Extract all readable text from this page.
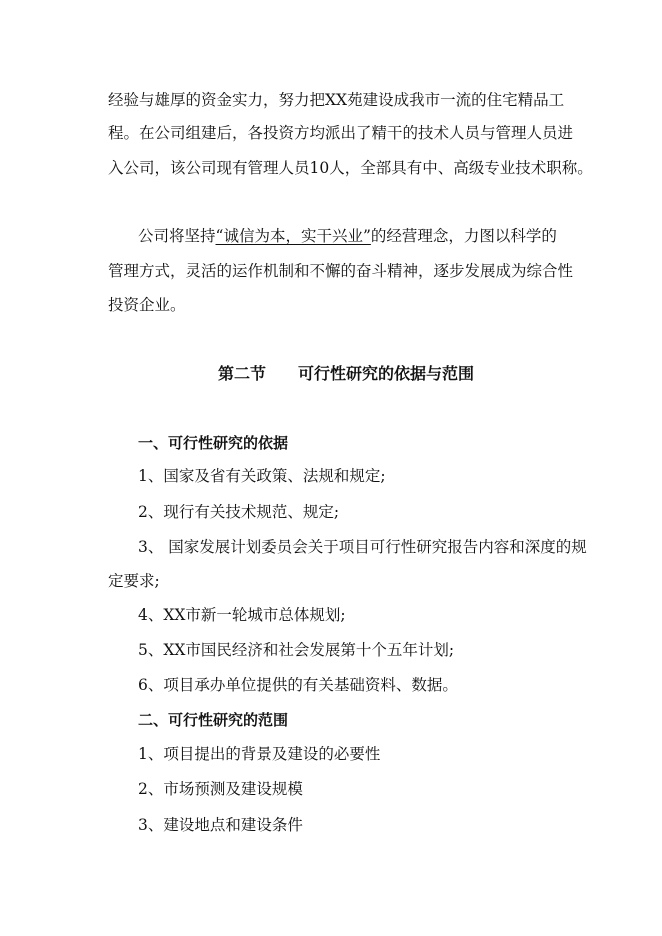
经验与雄厚的资金实力，努力把XX苑建设成我市一流的住宅精品工
程。在公司组建后，各投资方均派出了精干的技术人员与管理人员进
入公司，该公司现有管理人员10人，全部具有中、高级专业技术职称。
公司将坚持“诚信为本，实干兴业”的经营理念，力图以科学的
管理方式，灵活的运作机制和不懈的奋斗精神，逐步发展成为综合性
投资企业。
第二节　　可行性研究的依据与范围
一、可行性研究的依据
1、国家及省有关政策、法规和规定;
2、现行有关技术规范、规定;
3、 国家发展计划委员会关于项目可行性研究报告内容和深度的规
定要求;
4、XX市新一轮城市总体规划;
5、XX市国民经济和社会发展第十个五年计划;
6、项目承办单位提供的有关基础资料、数据。
二、可行性研究的范围
1、项目提出的背景及建设的必要性
2、市场预测及建设规模
3、建设地点和建设条件
